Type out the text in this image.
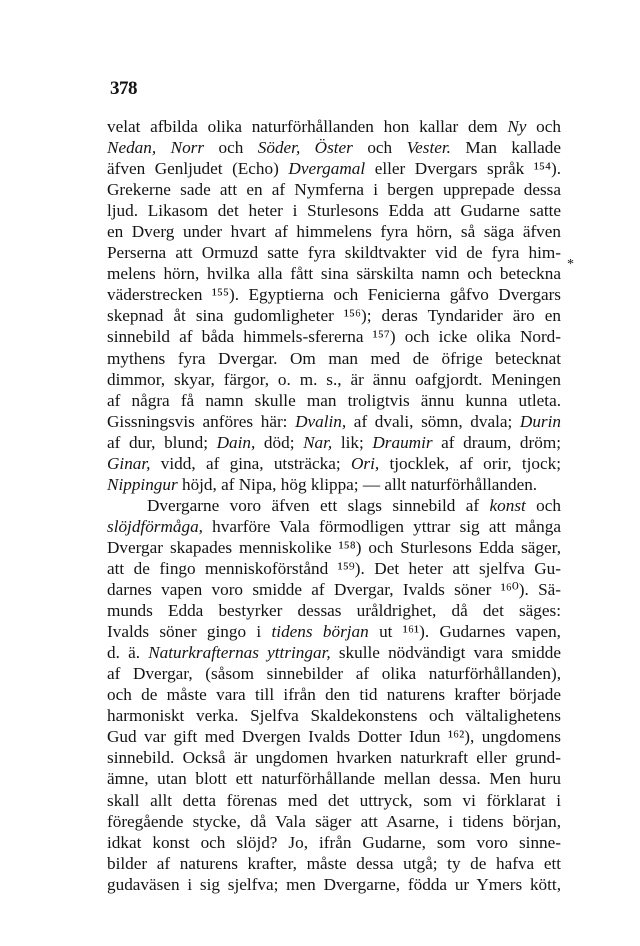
378
*
velat afbilda olika naturförhållanden hon kallar dem Ny och
Nedan, Norr och Söder, Öster och Vester. Man kallade
äfven Genljudet (Echo) Dvergamal eller Dvergars språk ¹⁵⁴).
Grekerne sade att en af Nymferna i bergen upprepade dessa
ljud. Likasom det heter i Sturlesons Edda att Gudarne satte
en Dverg under hvart af himmelens fyra hörn, så säga äfven
Perserna att Ormuzd satte fyra skildtvakter vid de fyra him-
melens hörn, hvilka alla fått sina särskilta namn och beteckna
väderstrecken ¹⁵⁵). Egyptierna och Fenicierna gåfvo Dvergars
skepnad åt sina gudomligheter ¹⁵⁶); deras Tyndarider äro en
sinnebild af båda himmels-sfererna ¹⁵⁷) och icke olika Nord-
mythens fyra Dvergar. Om man med de öfrige betecknat
dimmor, skyar, färgor, o. m. s., är ännu oafgjordt. Meningen
af några få namn skulle man troligtvis ännu kunna utleta.
Gissningsvis anföres här: Dvalin, af dvali, sömn, dvala; Durin
af dur, blund; Dain, död; Nar, lik; Draumir af draum, dröm;
Ginar, vidd, af gina, utsträcka; Ori, tjocklek, af orir, tjock;
Nippingur höjd, af Nipa, hög klippa; — allt naturförhållanden.
Dvergarne voro äfven ett slags sinnebild af konst och
slöjdförmåga, hvarföre Vala förmodligen yttrar sig att många
Dvergar skapades menniskolike ¹⁵⁸) och Sturlesons Edda säger,
att de fingo menniskoförstånd ¹⁵⁹). Det heter att sjelfva Gu-
darnes vapen voro smidde af Dvergar, Ivalds söner ¹⁶⁰). Sä-
munds Edda bestyrker dessas uråldrighet, då det säges:
Ivalds söner gingo i tidens början ut ¹⁶¹). Gudarnes vapen,
d. ä. Naturkrafternas yttringar, skulle nödvändigt vara smidde
af Dvergar, (såsom sinnebilder af olika naturförhållanden),
och de måste vara till ifrån den tid naturens krafter började
harmoniskt verka. Sjelfva Skaldekonstens och vältalighetens
Gud var gift med Dvergen Ivalds Dotter Idun ¹⁶²), ungdomens
sinnebild. Också är ungdomen hvarken naturkraft eller grund-
ämne, utan blott ett naturförhållande mellan dessa. Men huru
skall allt detta förenas med det uttryck, som vi förklarat i
föregående stycke, då Vala säger att Asarne, i tidens början,
idkat konst och slöjd? Jo, ifrån Gudarne, som voro sinne-
bilder af naturens krafter, måste dessa utgå; ty de hafva ett
gudaväsen i sig sjelfva; men Dvergarne, födda ur Ymers kött,
